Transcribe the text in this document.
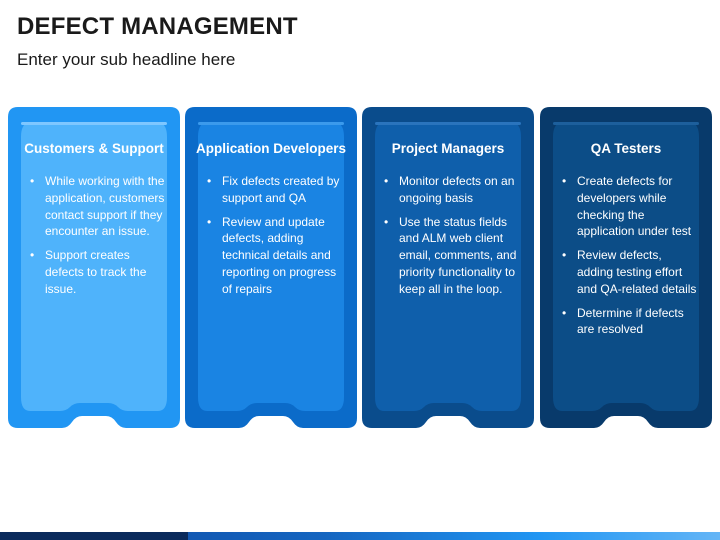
DEFECT MANAGEMENT
Enter your sub headline here
Customers & Support
• While working with the application, customers contact support if they encounter an issue.
• Support creates defects to track the issue.
Application Developers
• Fix defects created by support and QA
• Review and update defects, adding technical details and reporting on progress of repairs
Project Managers
• Monitor defects on an ongoing basis
• Use the status fields and ALM web client email, comments, and priority functionality to keep all in the loop.
QA Testers
• Create defects for developers while checking the application under test
• Review defects, adding testing effort and QA-related details
• Determine if defects are resolved
